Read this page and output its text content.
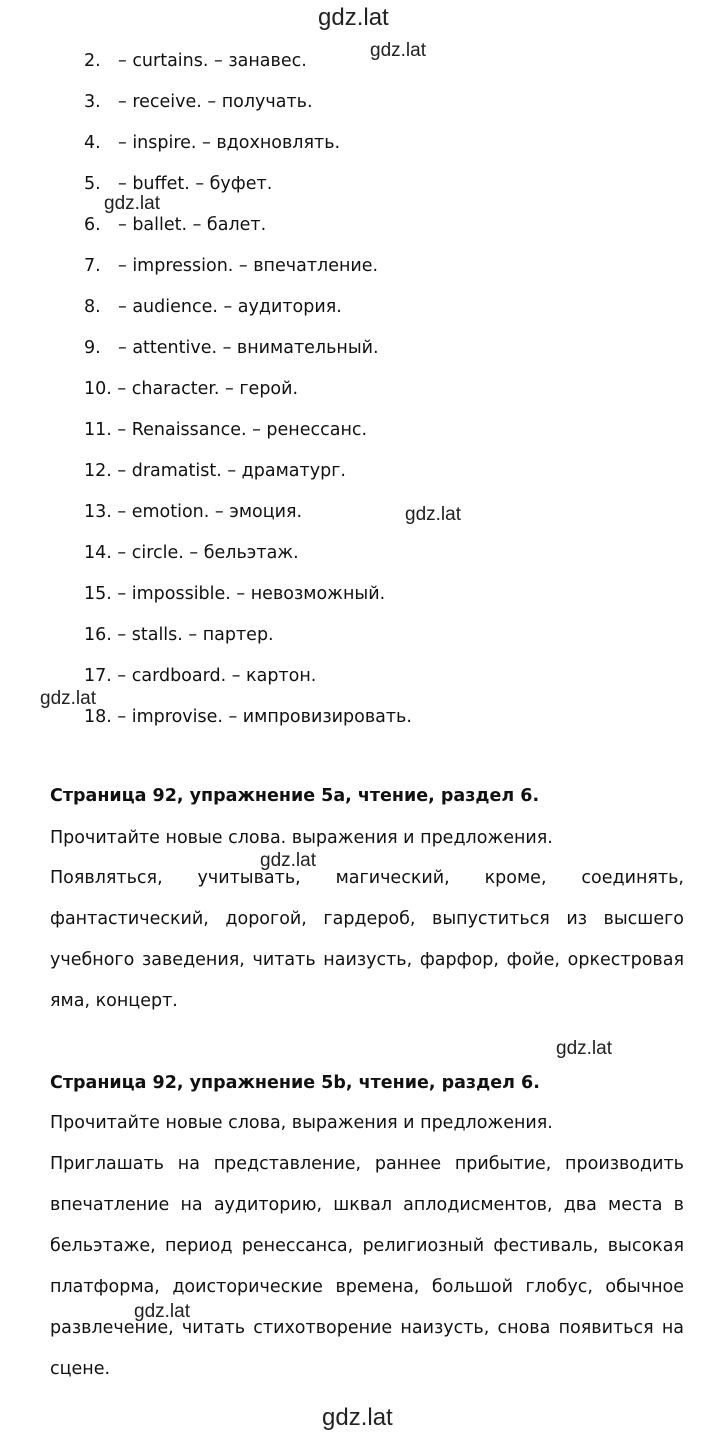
gdz.lat
gdz.lat
2. – curtains. – занавес.
3. – receive. – получать.
4. – inspire. – вдохновлять.
5. – buffet. – буфет.
6. – ballet. – балет.
7. – impression. – впечатление.
8. – audience. – аудитория.
9. – attentive. – внимательный.
10. – character. – герой.
11. – Renaissance. – ренессанс.
12. – dramatist. – драматург.
13. – emotion. – эмоция.
14. – circle. – бельэтаж.
15. – impossible. – невозможный.
16. – stalls. – партер.
17. – cardboard. – картон.
18. – improvise. – импровизировать.
gdz.lat
gdz.lat
gdz.lat
Страница 92, упражнение 5а, чтение, раздел 6.
Прочитайте новые слова. выражения и предложения.
Появляться, учитывать, магический, кроме, соединять, фантастический, дорогой, гардероб, выпуститься из высшего учебного заведения, читать наизусть, фарфор, фойе, оркестровая яма, концерт.
gdz.lat
gdz.lat
Страница 92, упражнение 5b, чтение, раздел 6.
Прочитайте новые слова, выражения и предложения.
Приглашать на представление, раннее прибытие, производить впечатление на аудиторию, шквал аплодисментов, два места в бельэтаже, период ренессанса, религиозный фестиваль, высокая платформа, доисторические времена, большой глобус, обычное развлечение, читать стихотворение наизусть, снова появиться на сцене.
gdz.lat
gdz.lat
